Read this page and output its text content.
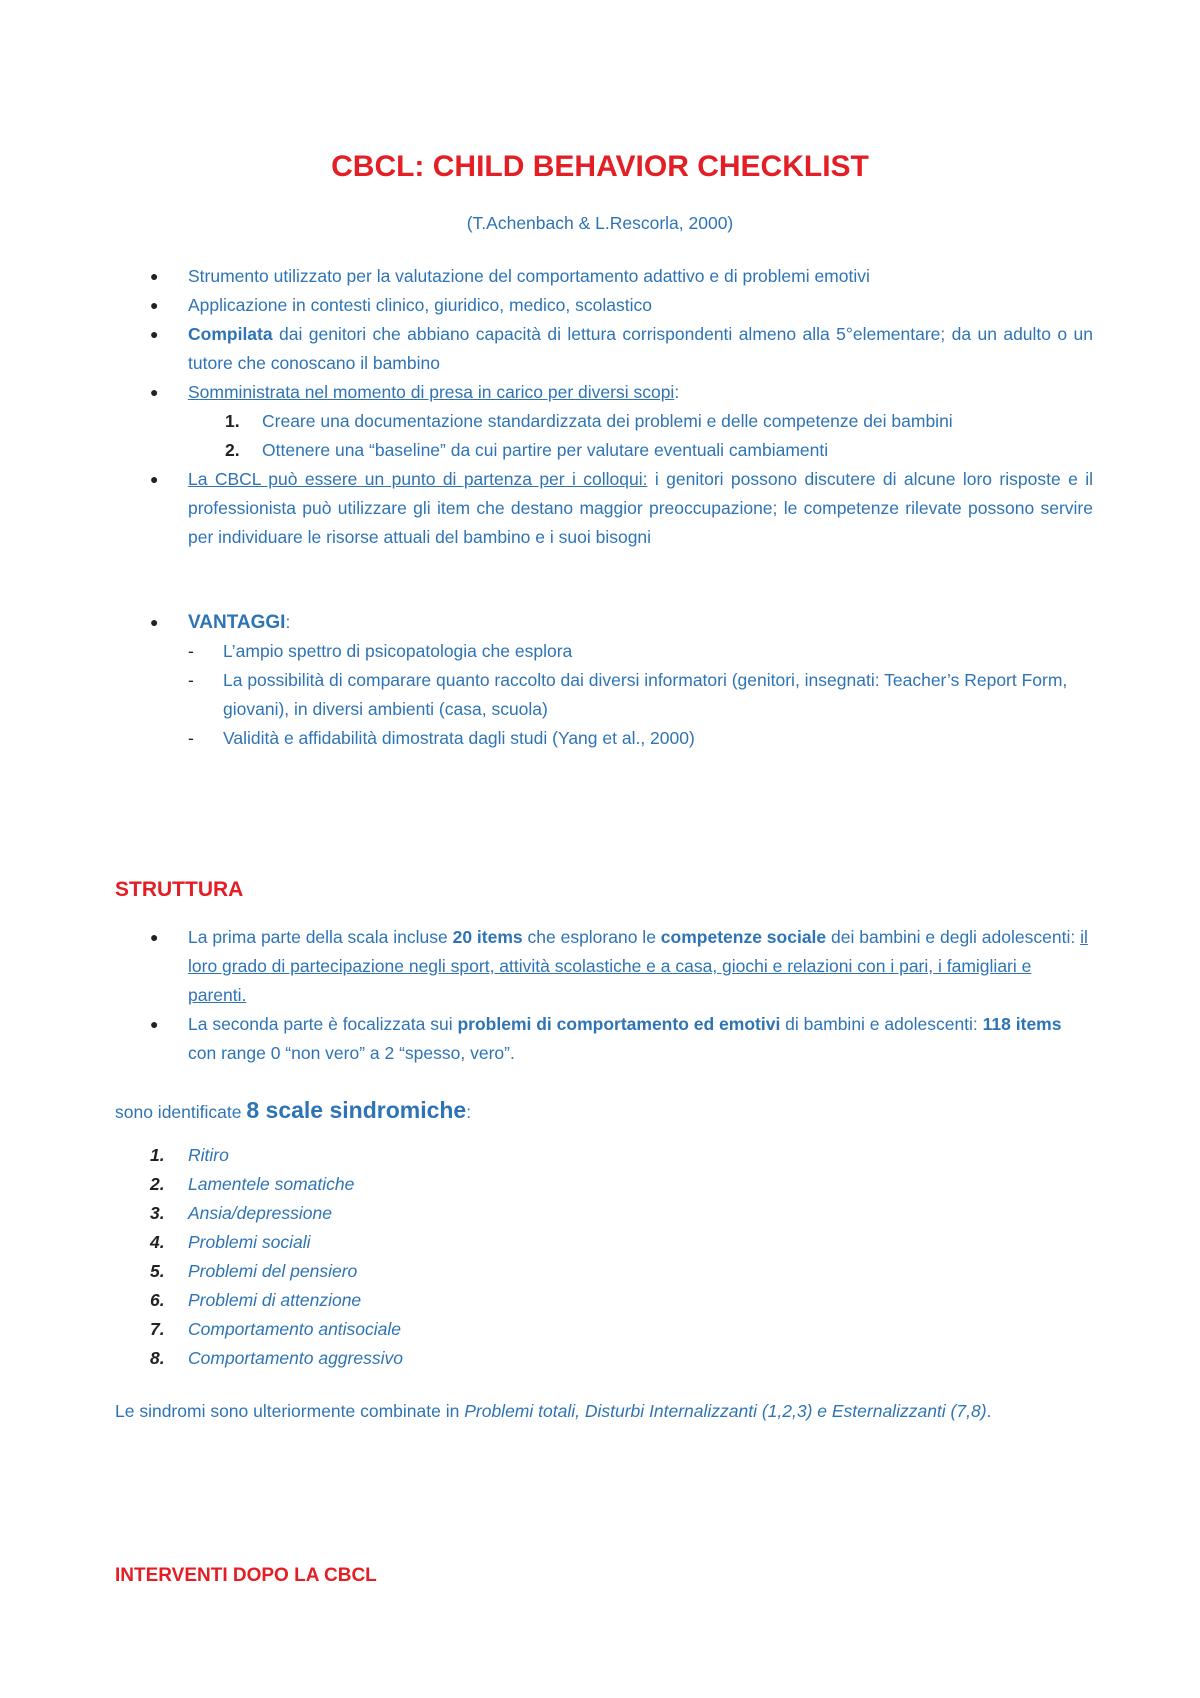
CBCL: CHILD BEHAVIOR CHECKLIST
(T.Achenbach & L.Rescorla, 2000)
● Strumento utilizzato per la valutazione del comportamento adattivo e di problemi emotivi
● Applicazione in contesti clinico, giuridico, medico, scolastico
● Compilata dai genitori che abbiano capacità di lettura corrispondenti almeno alla 5°elementare; da un adulto o un tutore che conoscano il bambino
● Somministrata nel momento di presa in carico per diversi scopi:
1.	Creare una documentazione standardizzata dei problemi e delle competenze dei bambini
2.	Ottenere una “baseline” da cui partire per valutare eventuali cambiamenti
● La CBCL può essere un punto di partenza per i colloqui: i genitori possono discutere di alcune loro risposte e il professionista può utilizzare gli item che destano maggior preoccupazione; le competenze rilevate possono servire per individuare le risorse attuali del bambino e i suoi bisogni
● VANTAGGI:
- L’ampio spettro di psicopatologia che esplora
- La possibilità di comparare quanto raccolto dai diversi informatori (genitori, insegnati: Teacher’s Report Form, giovani), in diversi ambienti (casa, scuola)
- Validità e affidabilità dimostrata dagli studi (Yang et al., 2000)
STRUTTURA
● La prima parte della scala incluse 20 items che esplorano le competenze sociale dei bambini e degli adolescenti: il loro grado di partecipazione negli sport, attività scolastiche e a casa, giochi e relazioni con i pari, i famigliari e parenti.
● La seconda parte è focalizzata sui problemi di comportamento ed emotivi di bambini e adolescenti: 118 items con range 0 “non vero” a 2 “spesso, vero”.
sono identificate 8 scale sindromiche:
1. Ritiro
2. Lamentele somatiche
3. Ansia/depressione
4. Problemi sociali
5. Problemi del pensiero
6. Problemi di attenzione
7. Comportamento antisociale
8. Comportamento aggressivo
Le sindromi sono ulteriormente combinate in Problemi totali, Disturbi Internalizzanti (1,2,3) e Esternalizzanti (7,8).
INTERVENTI DOPO LA CBCL
